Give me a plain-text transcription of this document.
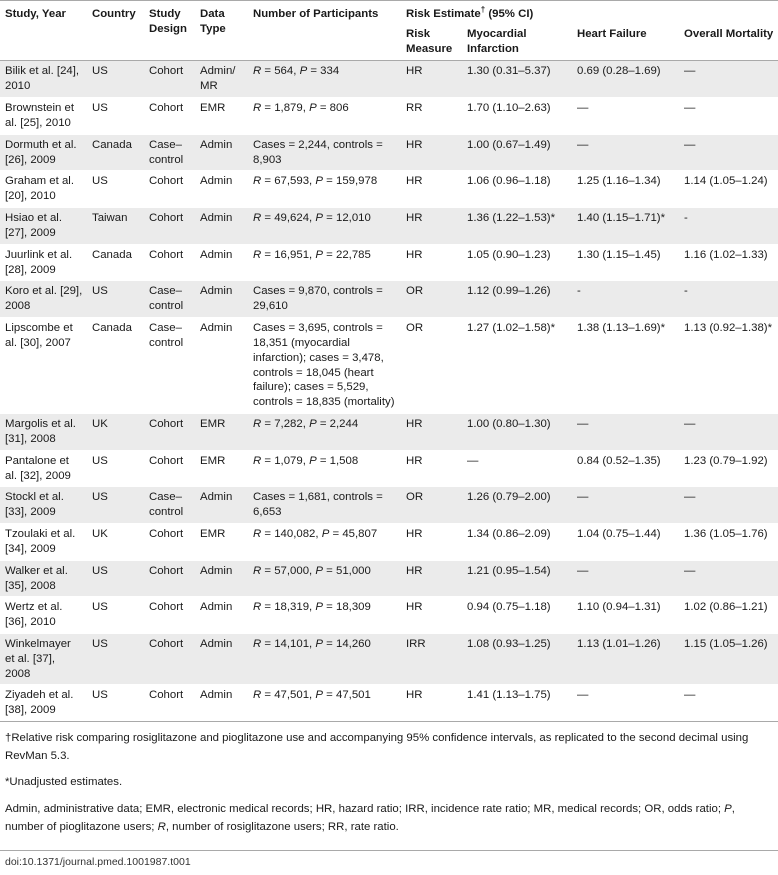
Study, Year	Country	Study Design	Data Type	Number of Participants	Risk Estimate† (95% CI)			
					Risk Measure	Myocardial Infarction	Heart Failure	Overall Mortality
Bilik et al. [24], 2010	US	Cohort	Admin/ MR	R = 564, P = 334	HR	1.30 (0.31–5.37)	0.69 (0.28–1.69)	—
Brownstein et al. [25], 2010	US	Cohort	EMR	R = 1,879, P = 806	RR	1.70 (1.10–2.63)	—	—
Dormuth et al. [26], 2009	Canada	Case–control	Admin	Cases = 2,244, controls = 8,903	HR	1.00 (0.67–1.49)	—	—
Graham et al. [20], 2010	US	Cohort	Admin	R = 67,593, P = 159,978	HR	1.06 (0.96–1.18)	1.25 (1.16–1.34)	1.14 (1.05–1.24)
Hsiao et al. [27], 2009	Taiwan	Cohort	Admin	R = 49,624, P = 12,010	HR	1.36 (1.22–1.53)*	1.40 (1.15–1.71)*	-
Juurlink et al. [28], 2009	Canada	Cohort	Admin	R = 16,951, P = 22,785	HR	1.05 (0.90–1.23)	1.30 (1.15–1.45)	1.16 (1.02–1.33)
Koro et al. [29], 2008	US	Case–control	Admin	Cases = 9,870, controls = 29,610	OR	1.12 (0.99–1.26)	-	-
Lipscombe et al. [30], 2007	Canada	Case–control	Admin	Cases = 3,695, controls = 18,351 (myocardial infarction); cases = 3,478, controls = 18,045 (heart failure); cases = 5,529, controls = 18,835 (mortality)	OR	1.27 (1.02–1.58)*	1.38 (1.13–1.69)*	1.13 (0.92–1.38)*
Margolis et al. [31], 2008	UK	Cohort	EMR	R = 7,282, P = 2,244	HR	1.00 (0.80–1.30)	—	—
Pantalone et al. [32], 2009	US	Cohort	EMR	R = 1,079, P = 1,508	HR	—	0.84 (0.52–1.35)	1.23 (0.79–1.92)
Stockl et al. [33], 2009	US	Case–control	Admin	Cases = 1,681, controls = 6,653	OR	1.26 (0.79–2.00)	—	—
Tzoulaki et al. [34], 2009	UK	Cohort	EMR	R = 140,082, P = 45,807	HR	1.34 (0.86–2.09)	1.04 (0.75–1.44)	1.36 (1.05–1.76)
Walker et al. [35], 2008	US	Cohort	Admin	R = 57,000, P = 51,000	HR	1.21 (0.95–1.54)	—	—
Wertz et al. [36], 2010	US	Cohort	Admin	R = 18,319, P = 18,309	HR	0.94 (0.75–1.18)	1.10 (0.94–1.31)	1.02 (0.86–1.21)
Winkelmayer et al. [37], 2008	US	Cohort	Admin	R = 14,101, P = 14,260	IRR	1.08 (0.93–1.25)	1.13 (1.01–1.26)	1.15 (1.05–1.26)
Ziyadeh et al. [38], 2009	US	Cohort	Admin	R = 47,501, P = 47,501	HR	1.41 (1.13–1.75)	—	—

†Relative risk comparing rosiglitazone and pioglitazone use and accompanying 95% confidence intervals, as replicated to the second decimal using RevMan 5.3.

*Unadjusted estimates.

Admin, administrative data; EMR, electronic medical records; HR, hazard ratio; IRR, incidence rate ratio; MR, medical records; OR, odds ratio; P, number of pioglitazone users; R, number of rosiglitazone users; RR, rate ratio.

doi:10.1371/journal.pmed.1001987.t001
